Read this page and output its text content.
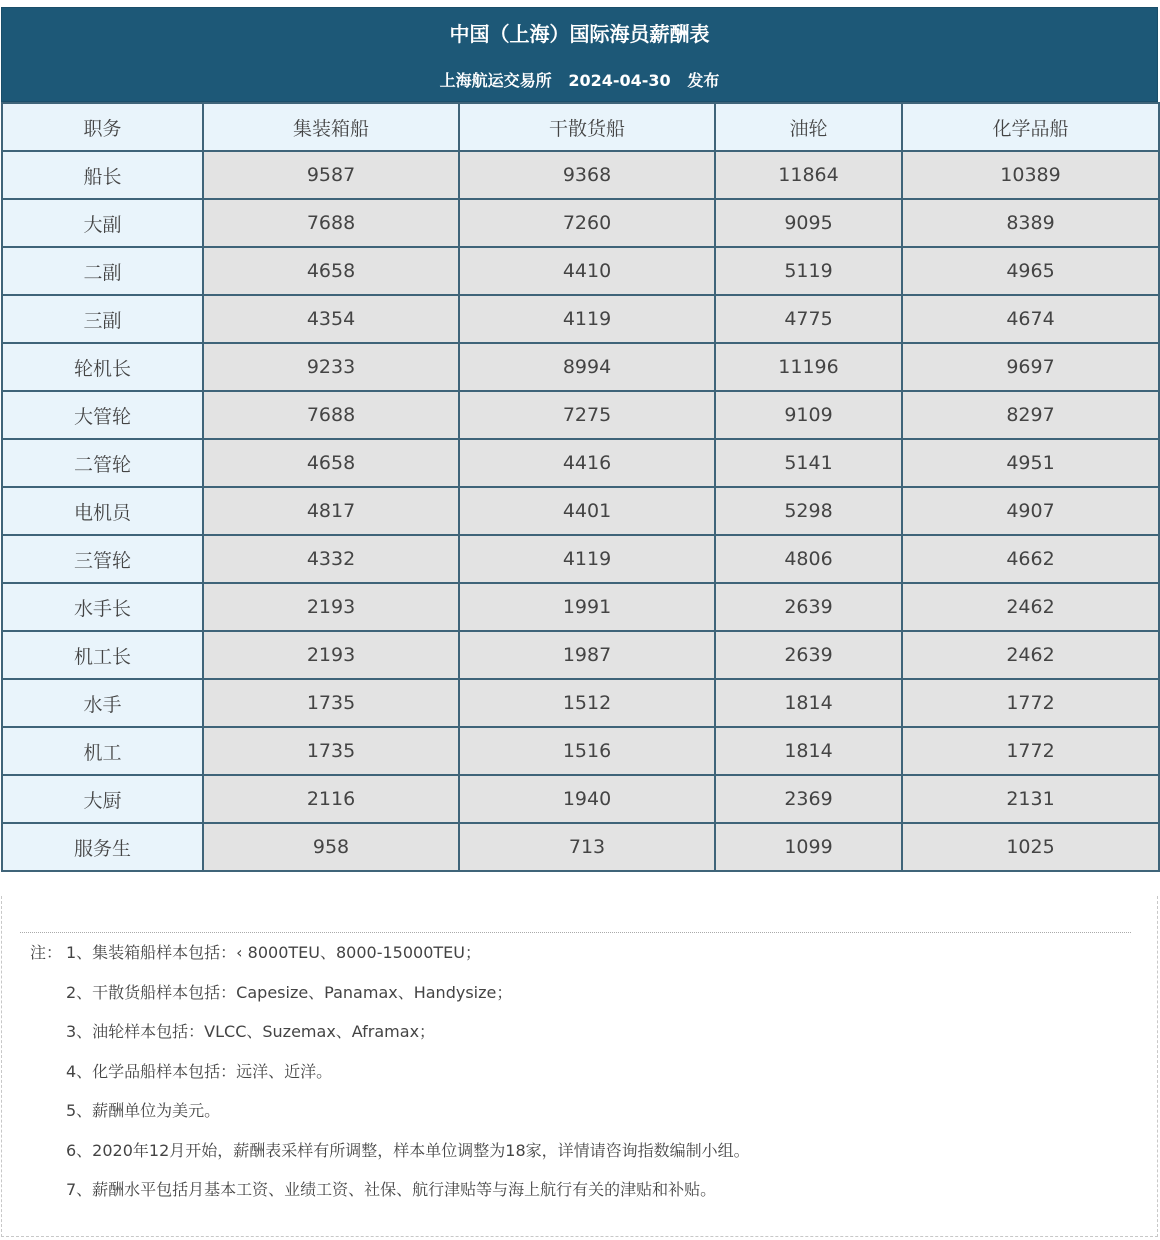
中国（上海）国际海员薪酬表
上海航运交易所   2024-04-30   发布
职务	集装箱船	干散货船	油轮	化学品船
船长	9587	9368	11864	10389
大副	7688	7260	9095	8389
二副	4658	4410	5119	4965
三副	4354	4119	4775	4674
轮机长	9233	8994	11196	9697
大管轮	7688	7275	9109	8297
二管轮	4658	4416	5141	4951
电机员	4817	4401	5298	4907
三管轮	4332	4119	4806	4662
水手长	2193	1991	2639	2462
机工长	2193	1987	2639	2462
水手	1735	1512	1814	1772
机工	1735	1516	1814	1772
大厨	2116	1940	2369	2131
服务生	958	713	1099	1025
注： 1、集装箱船样本包括：‹ 8000TEU、8000-15000TEU；
2、干散货船样本包括：Capesize、Panamax、Handysize；
3、油轮样本包括：VLCC、Suzemax、Aframax；
4、化学品船样本包括：远洋、近洋。
5、薪酬单位为美元。
6、2020年12月开始，薪酬表采样有所调整，样本单位调整为18家，详情请咨询指数编制小组。
7、薪酬水平包括月基本工资、业绩工资、社保、航行津贴等与海上航行有关的津贴和补贴。
